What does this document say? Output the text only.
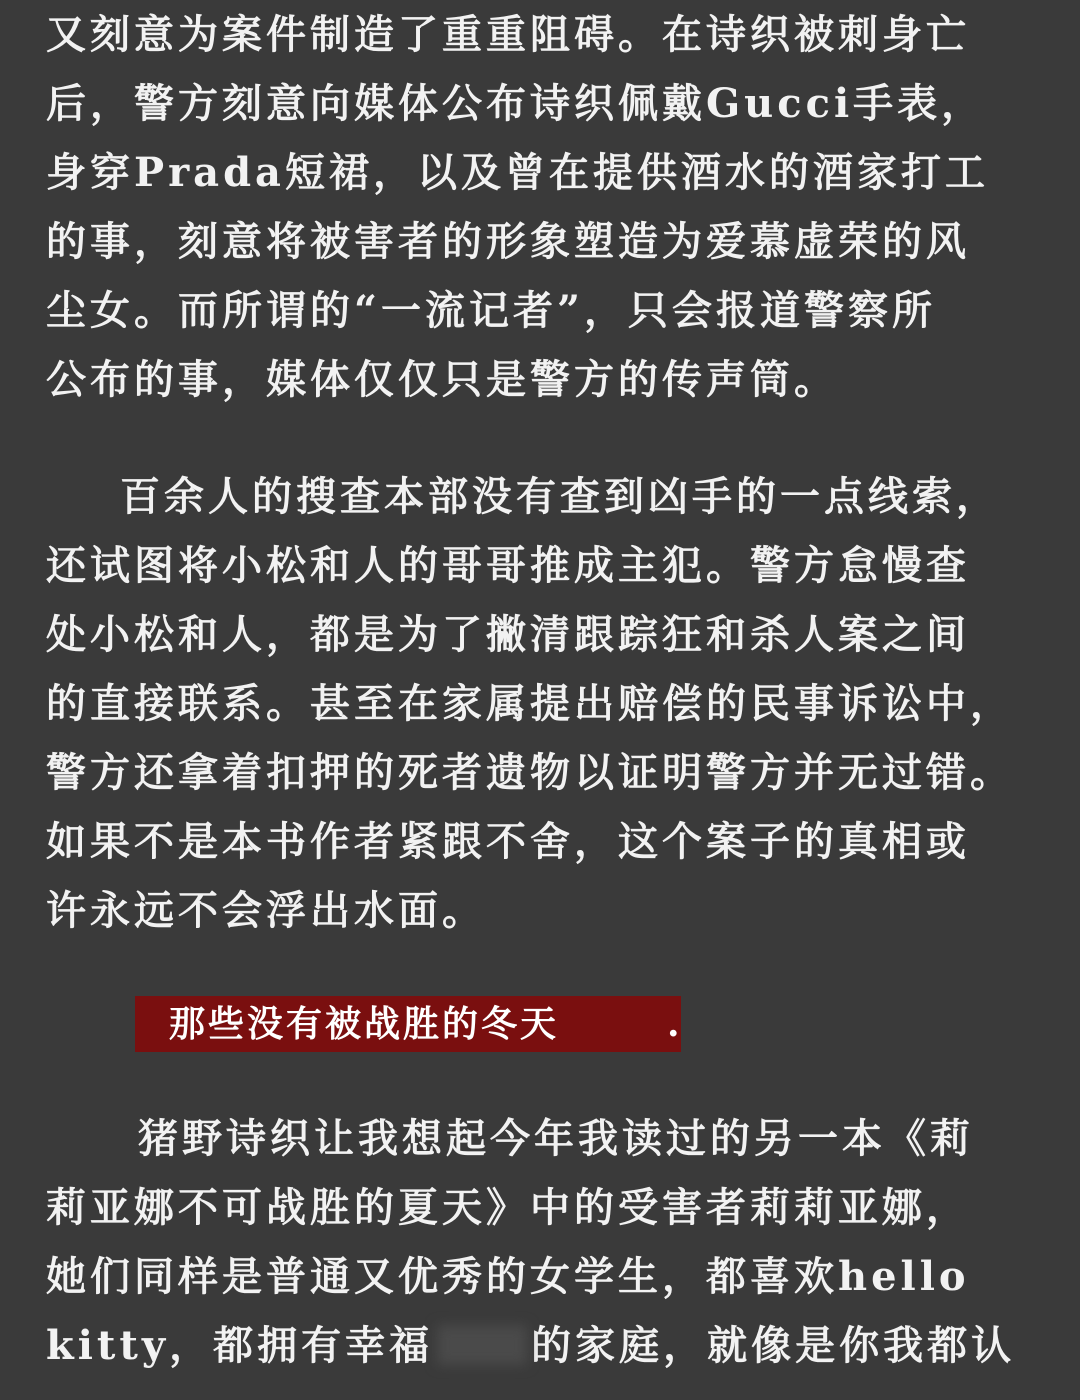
又刻意为案件制造了重重阻碍。在诗织被刺身亡
后，警方刻意向媒体公布诗织佩戴Gucci手表，
身穿Prada短裙，以及曾在提供酒水的酒家打工
的事，刻意将被害者的形象塑造为爱慕虚荣的风
尘女。而所谓的“一流记者”，只会报道警察所
公布的事，媒体仅仅只是警方的传声筒。
百余人的搜查本部没有查到凶手的一点线索，
还试图将小松和人的哥哥推成主犯。警方怠慢查
处小松和人，都是为了撇清跟踪狂和杀人案之间
的直接联系。甚至在家属提出赔偿的民事诉讼中，
警方还拿着扣押的死者遗物以证明警方并无过错。
如果不是本书作者紧跟不舍，这个案子的真相或
许永远不会浮出水面。
那些没有被战胜的冬天	.
猪野诗织让我想起今年我读过的另一本《莉
莉亚娜不可战胜的夏天》中的受害者莉莉亚娜，
她们同样是普通又优秀的女学生，都喜欢hello
kitty，都拥有幸福 的家庭，就像是你我都认
